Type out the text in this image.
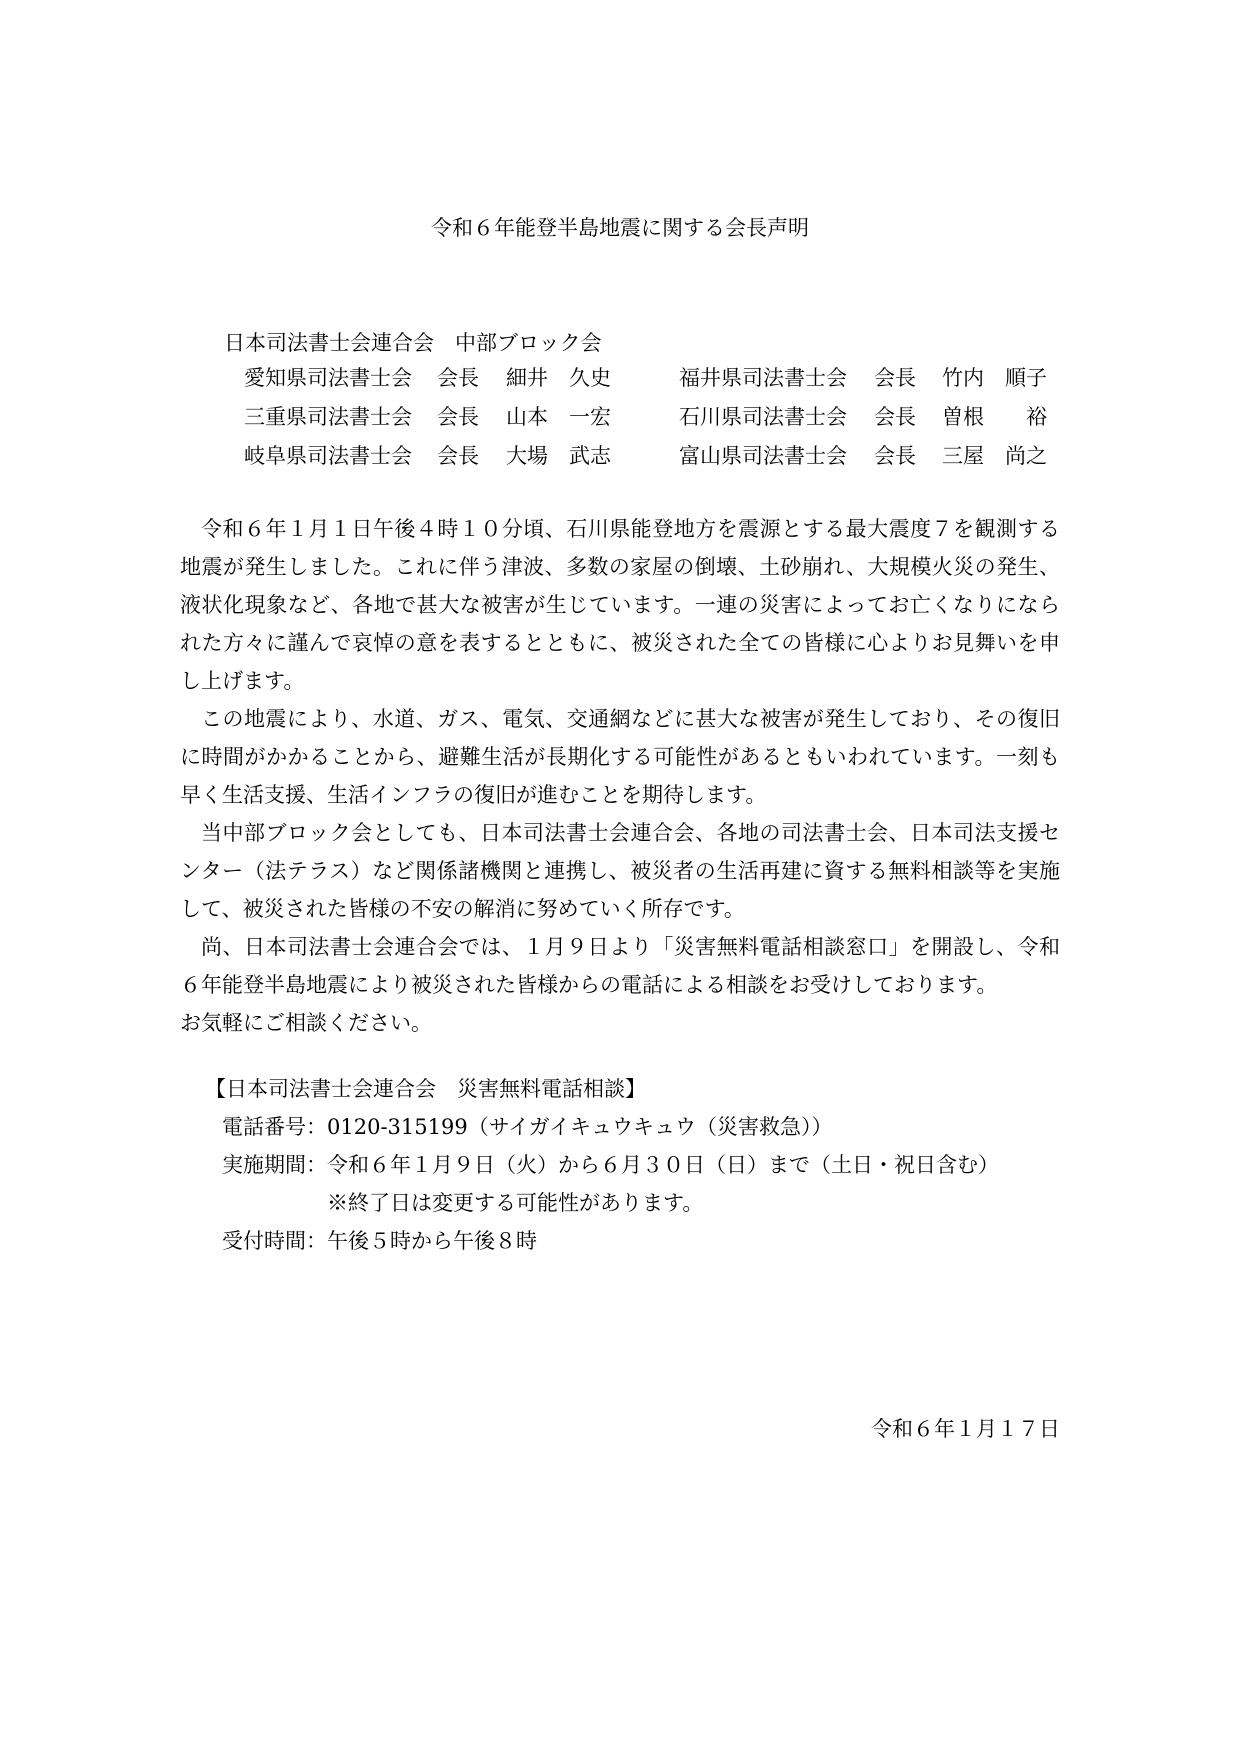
令和６年能登半島地震に関する会長声明
日本司法書士会連合会　中部ブロック会
愛知県司法書士会 会長 細井　久史	福井県司法書士会 会長 竹内　順子
三重県司法書士会 会長 山本　一宏	石川県司法書士会 会長 曽根　　裕
岐阜県司法書士会 会長 大場　武志	富山県司法書士会 会長 三屋　尚之

令和６年１月１日午後４時１０分頃、石川県能登地方を震源とする最大震度７を観測する地震が発生しました。これに伴う津波、多数の家屋の倒壊、土砂崩れ、大規模火災の発生、液状化現象など、各地で甚大な被害が生じています。一連の災害によってお亡くなりになられた方々に謹んで哀悼の意を表するとともに、被災された全ての皆様に心よりお見舞いを申し上げます。

この地震により、水道、ガス、電気、交通網などに甚大な被害が発生しており、その復旧に時間がかかることから、避難生活が長期化する可能性があるともいわれています。一刻も早く生活支援、生活インフラの復旧が進むことを期待します。

当中部ブロック会としても、日本司法書士会連合会、各地の司法書士会、日本司法支援センター（法テラス）など関係諸機関と連携し、被災者の生活再建に資する無料相談等を実施して、被災された皆様の不安の解消に努めていく所存です。

尚、日本司法書士会連合会では、１月９日より「災害無料電話相談窓口」を開設し、令和６年能登半島地震により被災された皆様からの電話による相談をお受けしております。

お気軽にご相談ください。

【日本司法書士会連合会　災害無料電話相談】
電話番号：0120-315199（サイガイキュウキュウ（災害救急））
実施期間：令和６年１月９日（火）から６月３０日（日）まで（土日・祝日含む）
※終了日は変更する可能性があります。
受付時間：午後５時から午後８時
令和６年１月１７日
